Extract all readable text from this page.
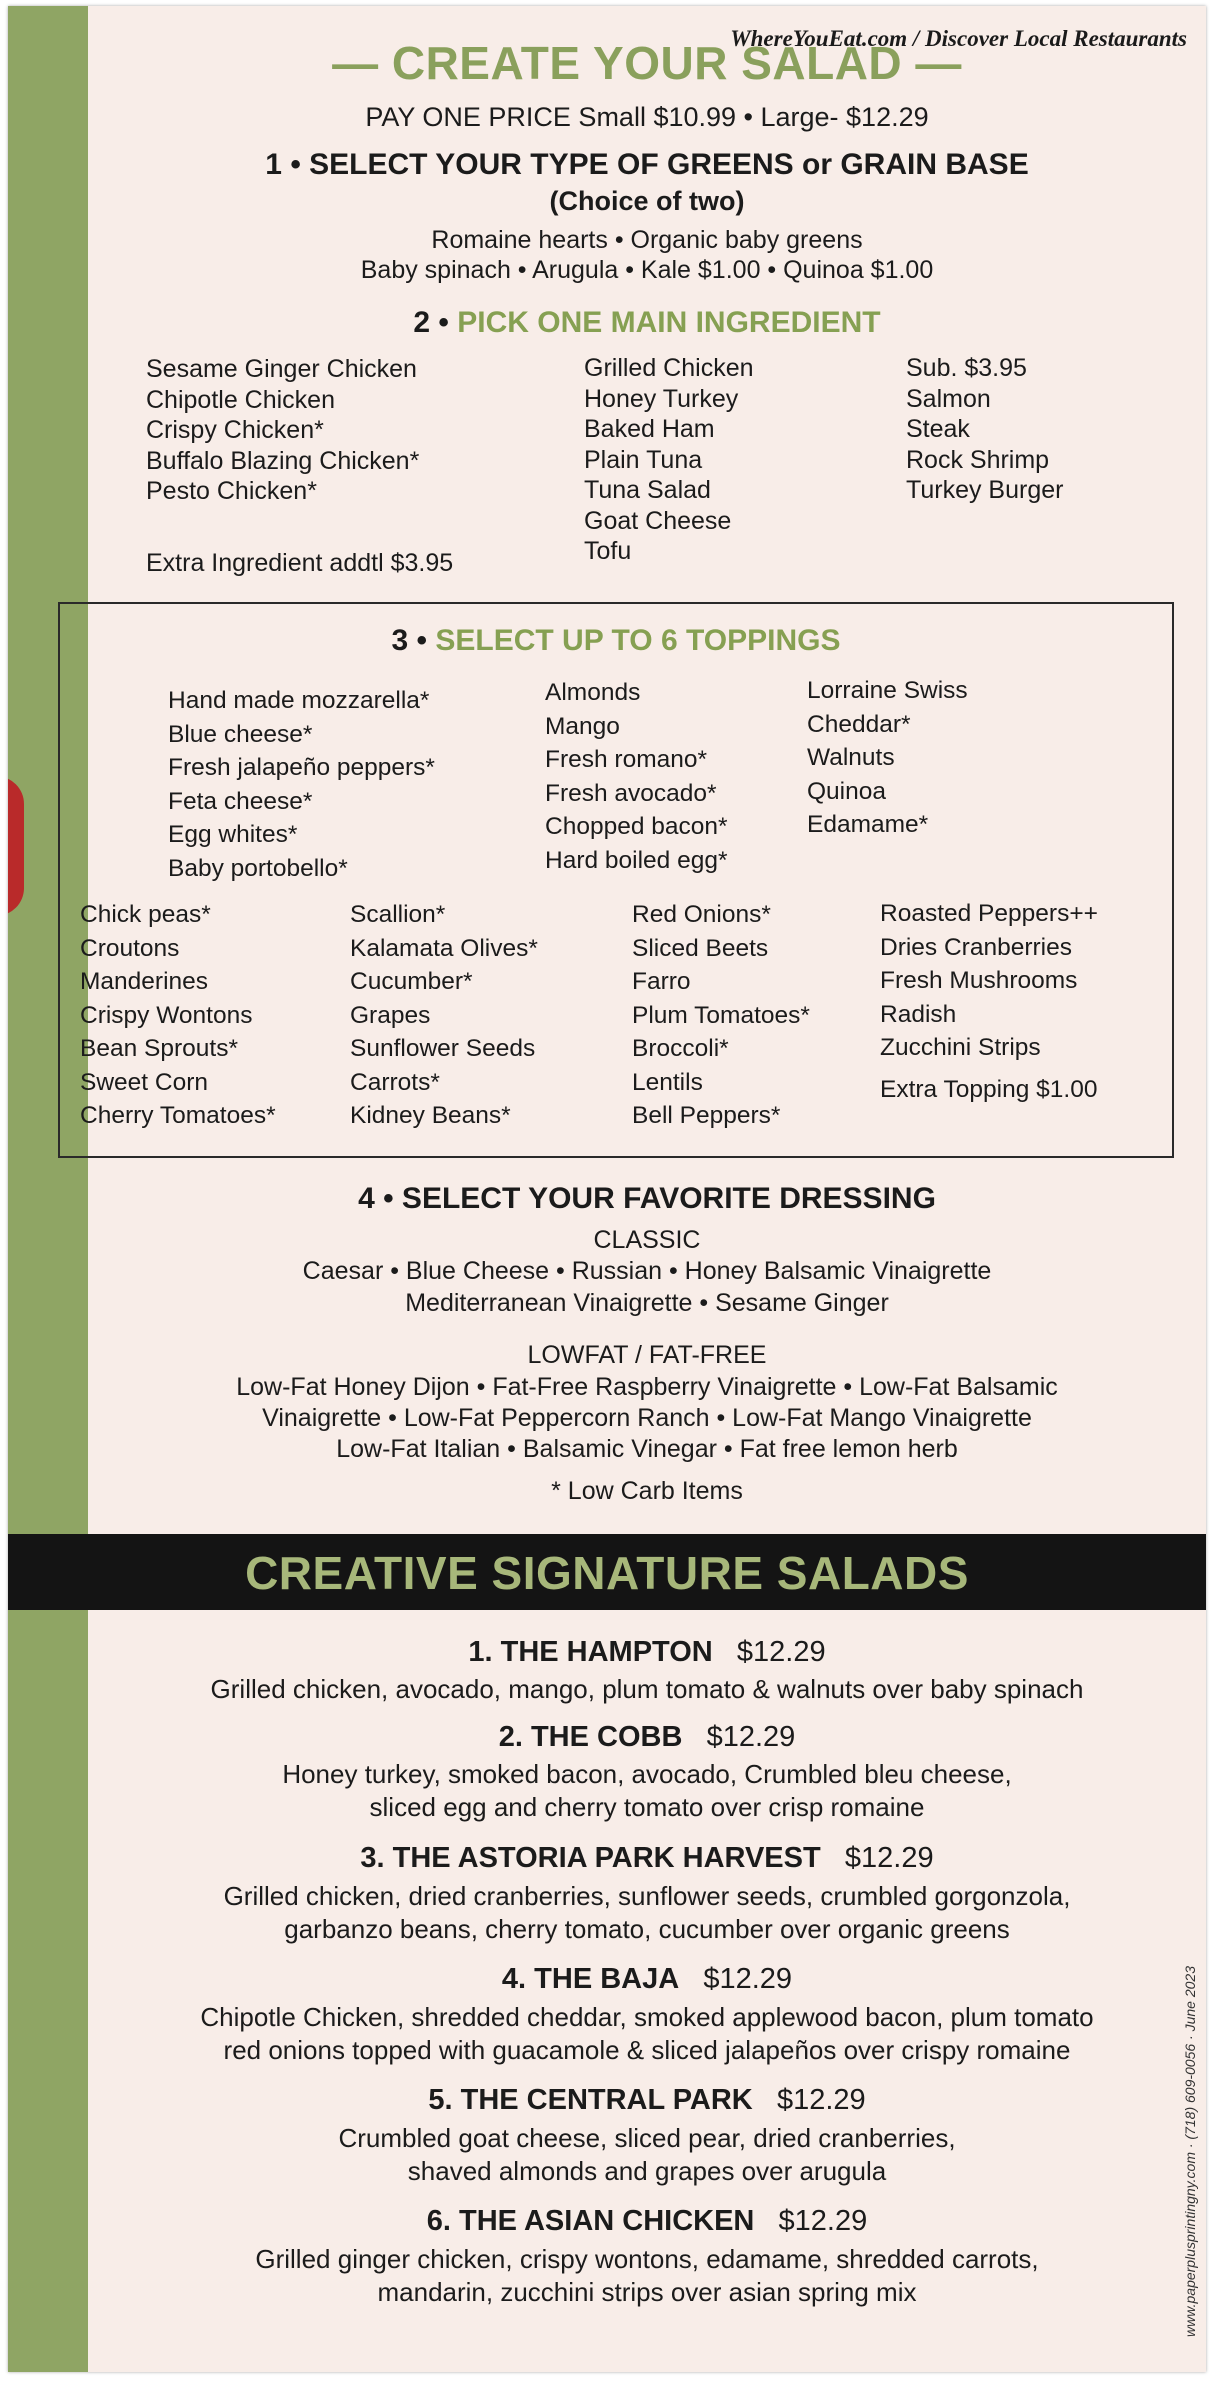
— CREATE YOUR SALAD —
PAY ONE PRICE Small $10.99 • Large- $12.29
1 • SELECT YOUR TYPE OF GREENS or GRAIN BASE
(Choice of two)
Romaine hearts • Organic baby greens
Baby spinach • Arugula • Kale $1.00 • Quinoa $1.00
2 • PICK ONE MAIN INGREDIENT
Sesame Ginger Chicken
Chipotle Chicken
Crispy Chicken*
Buffalo Blazing Chicken*
Pesto Chicken*
Grilled Chicken
Honey Turkey
Baked Ham
Plain Tuna
Tuna Salad
Goat Cheese
Tofu
Sub. $3.95
Salmon
Steak
Rock Shrimp
Turkey Burger
Extra Ingredient addtl $3.95
3 • SELECT UP TO 6 TOPPINGS
Hand made mozzarella*
Blue cheese*
Fresh jalapeño peppers*
Feta cheese*
Egg whites*
Baby portobello*
Almonds
Mango
Fresh romano*
Fresh avocado*
Chopped bacon*
Hard boiled egg*
Lorraine Swiss
Cheddar*
Walnuts
Quinoa
Edamame*
Chick peas*
Croutons
Manderines
Crispy Wontons
Bean Sprouts*
Sweet Corn
Cherry Tomatoes*
Scallion*
Kalamata Olives*
Cucumber*
Grapes
Sunflower Seeds
Carrots*
Kidney Beans*
Red Onions*
Sliced Beets
Farro
Plum Tomatoes*
Broccoli*
Lentils
Bell Peppers*
Roasted Peppers++
Dries Cranberries
Fresh Mushrooms
Radish
Zucchini Strips
Extra Topping $1.00
4 • SELECT YOUR FAVORITE DRESSING
CLASSIC
Caesar • Blue Cheese • Russian • Honey Balsamic Vinaigrette
Mediterranean Vinaigrette • Sesame Ginger
LOWFAT / FAT-FREE
Low-Fat Honey Dijon • Fat-Free Raspberry Vinaigrette • Low-Fat Balsamic
Vinaigrette • Low-Fat Peppercorn Ranch • Low-Fat Mango Vinaigrette
Low-Fat Italian • Balsamic Vinegar • Fat free lemon herb
* Low Carb Items
1. THE HAMPTON $12.29
Grilled chicken, avocado, mango, plum tomato & walnuts over baby spinach
2. THE COBB $12.29
Honey turkey, smoked bacon, avocado, Crumbled bleu cheese,
sliced egg and cherry tomato over crisp romaine
3. THE ASTORIA PARK HARVEST $12.29
Grilled chicken, dried cranberries, sunflower seeds, crumbled gorgonzola,
garbanzo beans, cherry tomato, cucumber over organic greens
4. THE BAJA $12.29
Chipotle Chicken, shredded cheddar, smoked applewood bacon, plum tomato
red onions topped with guacamole & sliced jalapeños over crispy romaine
5. THE CENTRAL PARK $12.29
Crumbled goat cheese, sliced pear, dried cranberries,
shaved almonds and grapes over arugula
6. THE ASIAN CHICKEN $12.29
Grilled ginger chicken, crispy wontons, edamame, shredded carrots,
mandarin, zucchini strips over asian spring mix
CREATIVE SIGNATURE SALADS
www.paperplusprintingny.com · (718) 609-0056 · June 2023
WhereYouEat.com / Discover Local Restaurants
